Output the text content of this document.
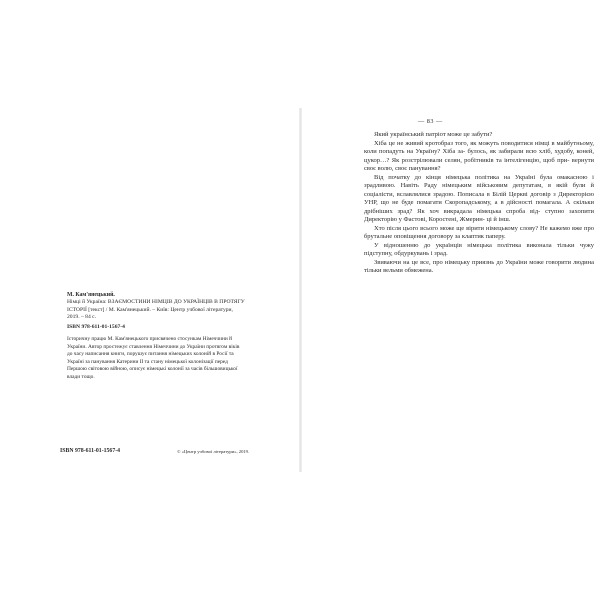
М. Кам'янецький.
Німці й Україна: ВЗАЄМОСТИНИ НІМЦІВ ДО УКРАЇНЦІВ В ПРОТЯГУ
ІСТОРІЇ [текст] / М. Кам'янецький. – Київ: Центр учбової літератури,
2019. – 84 с.
ISBN 978-611-01-1567-4
Історичну працю М. Кам'янецького присвячено стосункам Німеччини й
України. Автор простежує ставлення Німеччини до України протягом віків
до часу написання книги, порушує питання німецьких колоній в Росії та
Україні за панування Катерини II та стану німецької колонізації перед
Першою світовою війною, описує німецькі колонії за часів більшовицької
влади тощо.
ISBN 978-611-01-1567-4	© «Центр учбової літератури», 2019.
— 83 —

Який український патріот може це забути?

Хіба це не живий кротобраз того, як можуть поводитися німці в майбутньому, коли попадуть на Україну? Хіба за- булось, як забирали всю хліб, худобу, коней, цукор…? Як розстрілювали селян, робітників та інтелігенцію, щоб при- вернути своє волю, своє панування?

Від початку до кінця німецька політика на Україні була омакасною і зрадливою. Навіть Раду німецьким військовим депутатам, в якій були й соціалісти, вславлялися зрадою. Пописала в Білій Церкві договір з Директорією УНР, що не буде помагати Скоропадському, а в дійсності помагала. А скільки дрібніших зрад? Як хоч викрадала німецька спроба від- ступно захопити Директорію у Фастові, Коростені, Жмерин- ці й інш.

Хто після цього всього може ще вірити німецькому слову? Не кажемо вже про брутальне оповіщення договору за клаптик паперу.

У відношенню до українців німецька політика виконала тільки чужу підступну, обдуркувань і зрад.

Звиваючи на це все, про німецьку приязнь до України може говорити людина тільки вельми обмежена.
